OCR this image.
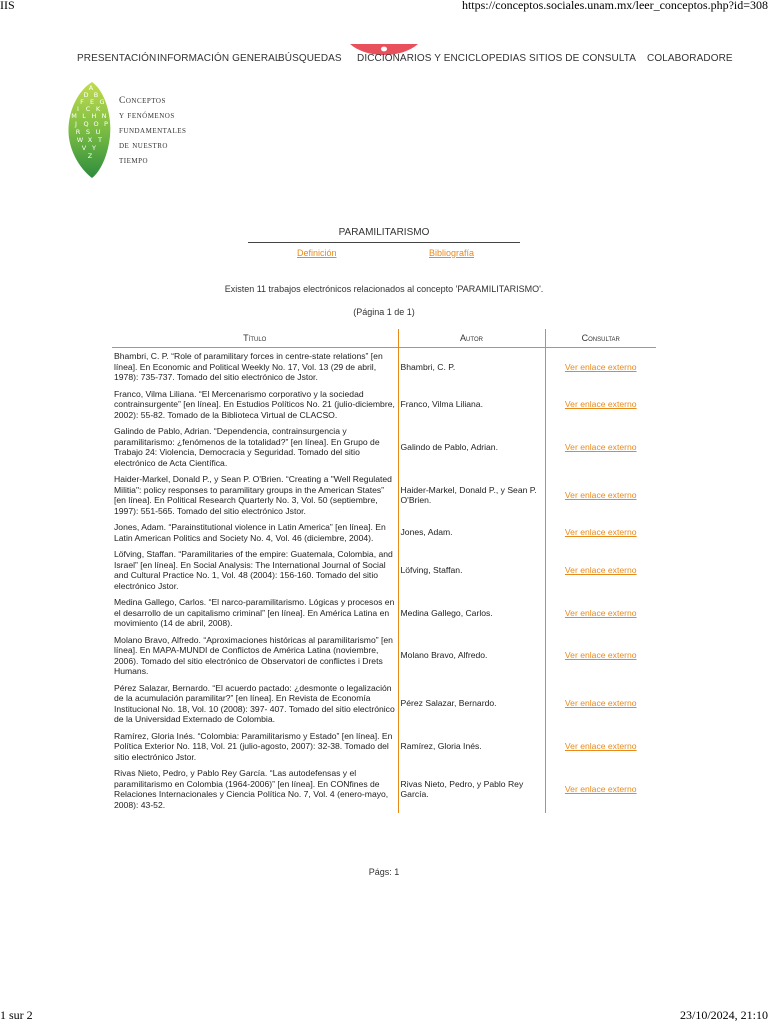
IIS	https://conceptos.sociales.unam.mx/leer_conceptos.php?id=308
PRESENTACIÓN INFORMACIÓN GENERAL
BÚSQUEDAS DICCIONARIOS Y ENCICLOPEDIAS SITIOS DE CONSULTA COLABORADORE
A
D B
F E G
I C K
M L H N
J Q O P
R S U
W X T
V Y
Z
Conceptos
y fenómenos
fundamentales
de nuestro
tiempo
PARAMILITARISMO
Definición	Bibliografía
Existen 11 trabajos electrónicos relacionados al concepto 'PARAMILITARISMO'.
(Página 1 de 1)
Título	Autor	Consultar
Bhambri, C. P. “Role of paramilitary forces in centre-state relations” [en línea]. En Economic and Political Weekly No. 17, Vol. 13 (29 de abril, 1978): 735-737. Tomado del sitio electrónico de Jstor.	Bhambri, C. P.	Ver enlace externo
Franco, Vilma Liliana. “El Mercenarismo corporativo y la sociedad contrainsurgente” [en línea]. En Estudios Políticos No. 21 (julio-diciembre, 2002): 55-82. Tomado de la Biblioteca Virtual de CLACSO.	Franco, Vilma Liliana.	Ver enlace externo
Galindo de Pablo, Adrian. “Dependencia, contrainsurgencia y paramilitarismo: ¿fenómenos de la totalidad?” [en línea]. En Grupo de Trabajo 24: Violencia, Democracia y Seguridad. Tomado del sitio electrónico de Acta Científica.	Galindo de Pablo, Adrian.	Ver enlace externo
Haider-Markel, Donald P., y Sean P. O'Brien. “Creating a "Well Regulated Militia": policy responses to paramilitary groups in the American States” [en línea]. En Political Research Quarterly No. 3, Vol. 50 (septiembre, 1997): 551-565. Tomado del sitio electrónico Jstor.	Haider-Markel, Donald P., y Sean P. O'Brien.	Ver enlace externo
Jones, Adam. “Parainstitutional violence in Latin America” [en línea]. En Latin American Politics and Society No. 4, Vol. 46 (diciembre, 2004).	Jones, Adam.	Ver enlace externo
Löfving, Staffan. “Paramilitaries of the empire: Guatemala, Colombia, and Israel” [en línea]. En Social Analysis: The International Journal of Social and Cultural Practice No. 1, Vol. 48 (2004): 156-160. Tomado del sitio electrónico Jstor.	Löfving, Staffan.	Ver enlace externo
Medina Gallego, Carlos. “El narco-paramilitarismo. Lógicas y procesos en el desarrollo de un capitalismo criminal” [en línea]. En América Latina en movimiento (14 de abril, 2008).	Medina Gallego, Carlos.	Ver enlace externo
Molano Bravo, Alfredo. “Aproximaciones históricas al paramilitarismo” [en línea]. En MAPA-MUNDI de Conflictos de América Latina (noviembre, 2006). Tomado del sitio electrónico de Observatori de conflictes i Drets Humans.	Molano Bravo, Alfredo.	Ver enlace externo
Pérez Salazar, Bernardo. “El acuerdo pactado: ¿desmonte o legalización de la acumulación paramilitar?” [en línea]. En Revista de Economía Institucional No. 18, Vol. 10 (2008): 397- 407. Tomado del sitio electrónico de la Universidad Externado de Colombia.	Pérez Salazar, Bernardo.	Ver enlace externo
Ramírez, Gloria Inés. “Colombia: Paramilitarismo y Estado” [en línea]. En Política Exterior No. 118, Vol. 21 (julio-agosto, 2007): 32-38. Tomado del sitio electrónico Jstor.	Ramírez, Gloria Inés.	Ver enlace externo
Rivas Nieto, Pedro, y Pablo Rey García. “Las autodefensas y el paramilitarismo en Colombia (1964-2006)” [en línea]. En CONfines de Relaciones Internacionales y Ciencia Política No. 7, Vol. 4 (enero-mayo, 2008): 43-52.	Rivas Nieto, Pedro, y Pablo Rey García.	Ver enlace externo
Págs: 1
1 sur 2	23/10/2024, 21:10
